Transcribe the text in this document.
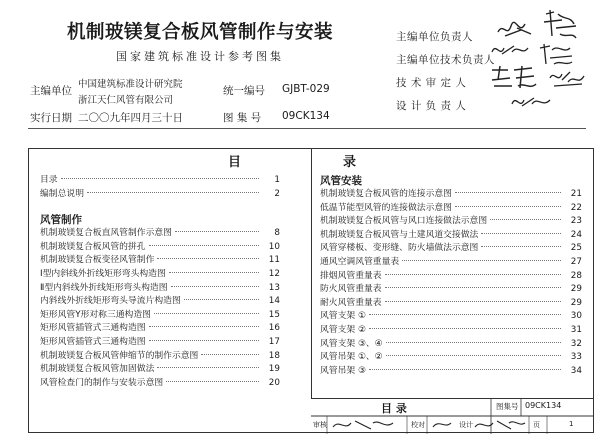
机制玻镁复合板风管制作与安装
国家建筑标准设计参考图集
主编单位
中国建筑标准设计研究院
浙江天仁风管有限公司
统一编号 GJBT-029
实行日期 二〇〇九年四月三十日	图 集 号 09CK134
主编单位负责人
主编单位技术负责人
技 术 审 定 人
设 计 负 责 人
目	录
目录	1
编制总说明	2
风管制作
机制玻镁复合板直风管制作示意图	8
机制玻镁复合板风管的拼孔	10
机制玻镁复合板变径风管制作	11
I型内斜线外折线矩形弯头构造图	12
Ⅱ型内斜线外折线矩形弯头构造图	13
内斜线外折线矩形弯头导流片构造图	14
矩形风管Y形对称三通构造图	15
矩形风管插管式三通构造图	16
矩形风管插管式三通构造图	17
机制玻镁复合板风管伸缩节的制作示意图	18
机制玻镁复合板风管加固做法	19
风管检查门的制作与安装示意图	20
风管安装
机制玻镁复合板风管的连接示意图	21
低温节能型风管的连接做法示意图	22
机制玻镁复合板风管与风口连接做法示意图	23
机制玻镁复合板风管与土建风道交接做法	24
风管穿楼板、变形缝、防火墙做法示意图	25
通风空调风管重量表	27
排烟风管重量表	28
防火风管重量表	29
耐火风管重量表	29
风管支架 ①	30
风管支架 ②	31
风管支架 ③、④	32
风管吊架 ①、②	33
风管吊架 ③	34
目 录	图集号 09CK134
审核	校对	设计	页	1
